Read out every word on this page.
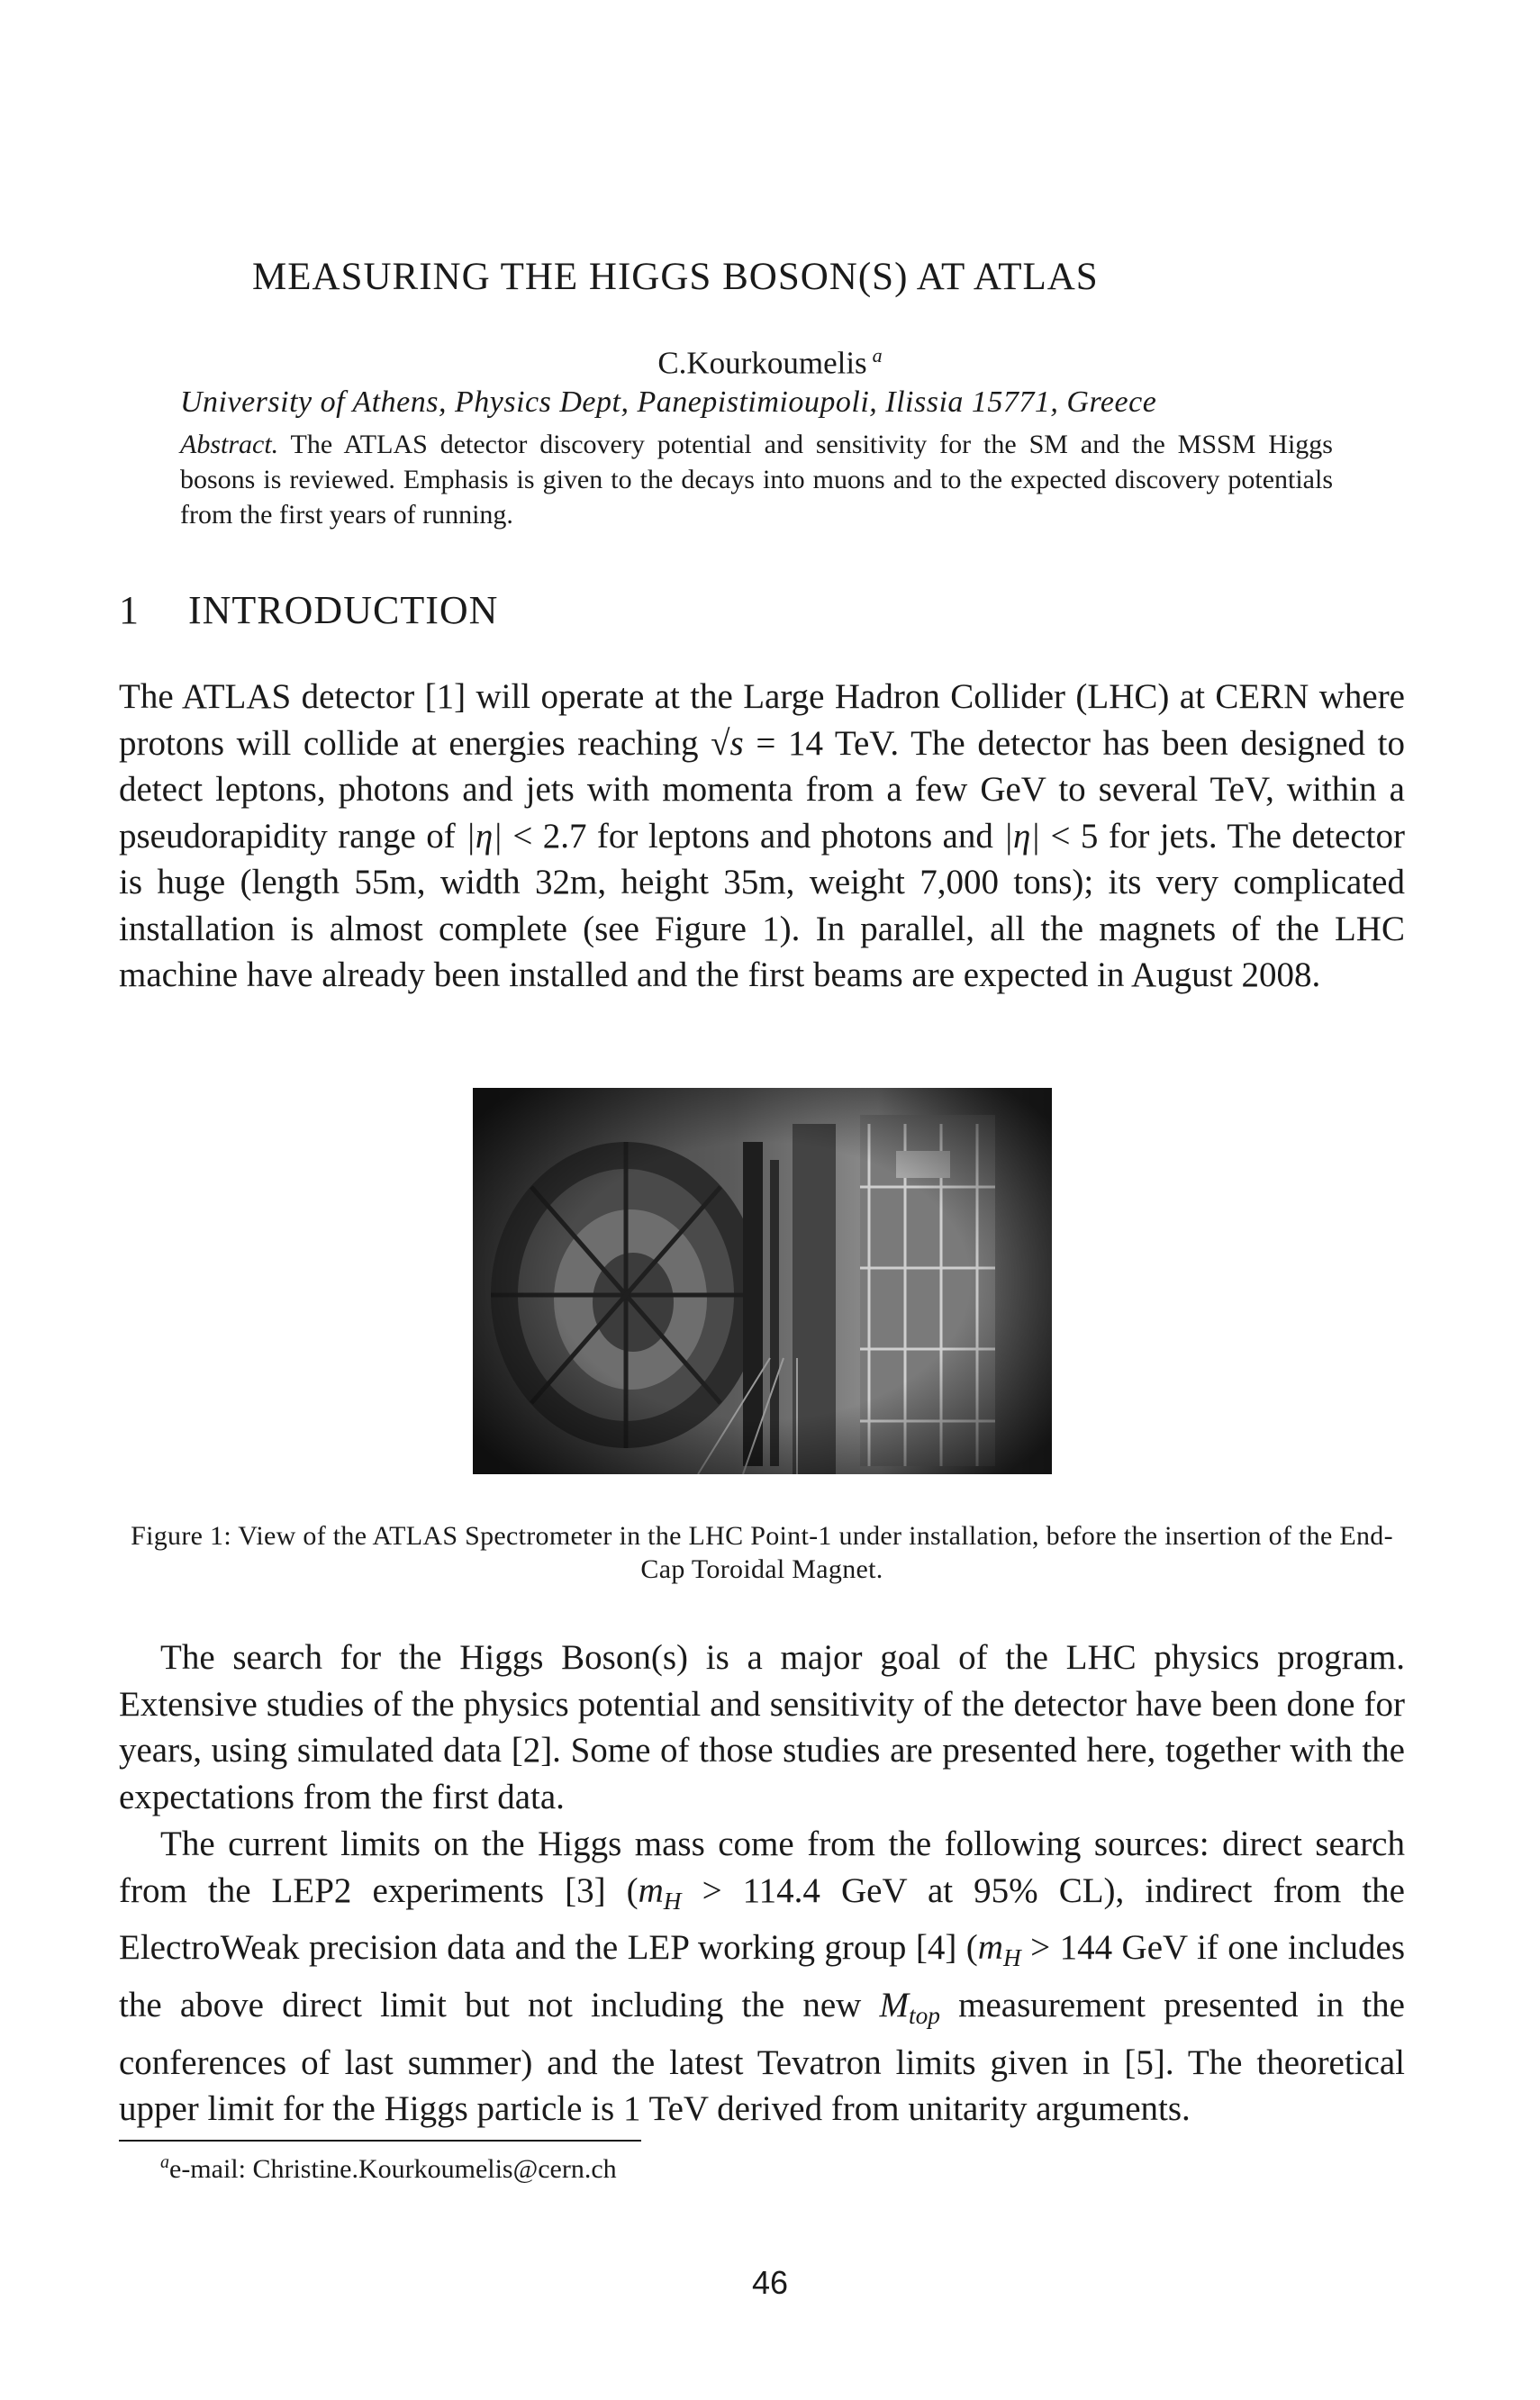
MEASURING THE HIGGS BOSON(S) AT ATLAS
C.Kourkoumelis $^a$
University of Athens, Physics Dept, Panepistimioupoli, Ilissia 15771, Greece
Abstract. The ATLAS detector discovery potential and sensitivity for the SM and the MSSM Higgs bosons is reviewed. Emphasis is given to the decays into muons and to the expected discovery potentials from the first years of running.
1 INTRODUCTION
The ATLAS detector [1] will operate at the Large Hadron Collider (LHC) at CERN where protons will collide at energies reaching √s = 14 TeV. The detector has been designed to detect leptons, photons and jets with momenta from a few GeV to several TeV, within a pseudorapidity range of |η| < 2.7 for leptons and photons and |η| < 5 for jets. The detector is huge (length 55m, width 32m, height 35m, weight 7,000 tons); its very complicated installation is almost complete (see Figure 1). In parallel, all the magnets of the LHC machine have already been installed and the first beams are expected in August 2008.
Figure 1: View of the ATLAS Spectrometer in the LHC Point-1 under installation, before the insertion of the End-Cap Toroidal Magnet.
The search for the Higgs Boson(s) is a major goal of the LHC physics program. Extensive studies of the physics potential and sensitivity of the detector have been done for years, using simulated data [2]. Some of those studies are presented here, together with the expectations from the first data.
The current limits on the Higgs mass come from the following sources: direct search from the LEP2 experiments [3] ($m_H > 114.4$ GeV at 95% CL), indirect from the ElectroWeak precision data and the LEP working group [4] ($m_H > 144$ GeV if one includes the above direct limit but not including the new $M_{top}$ measurement presented in the conferences of last summer) and the latest Tevatron limits given in [5]. The theoretical upper limit for the Higgs particle is 1 TeV derived from unitarity arguments.
$^a$e-mail: Christine.Kourkoumelis@cern.ch
46
